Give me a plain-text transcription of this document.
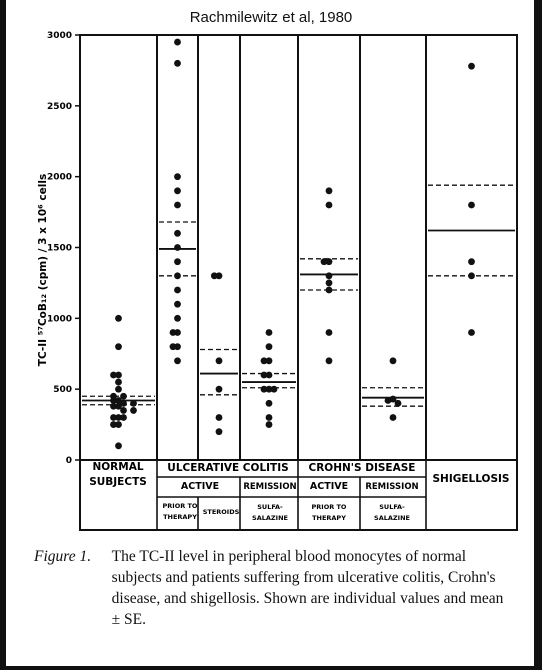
Rachmilewitz et al, 1980
0
500
1000
1500
2000
2500
3000
TC-II ⁵⁷CoB₁₂ (cpm) / 3 x 10⁶ cells
NORMAL
SUBJECTS
ULCERATIVE COLITIS
ACTIVE	REMISSION
PRIOR TO
THERAPY
STEROIDS
SULFA-
SALAZINE
CROHN'S DISEASE
ACTIVE REMISSION
PRIOR TO
THERAPY
SULFA-
SALAZINE
SHIGELLOSIS
Figure 1.	The TC-II level in peripheral blood monocytes of normal subjects and patients suffering from ulcerative colitis, Crohn's disease, and shigellosis. Shown are individual values and mean ± SE.
